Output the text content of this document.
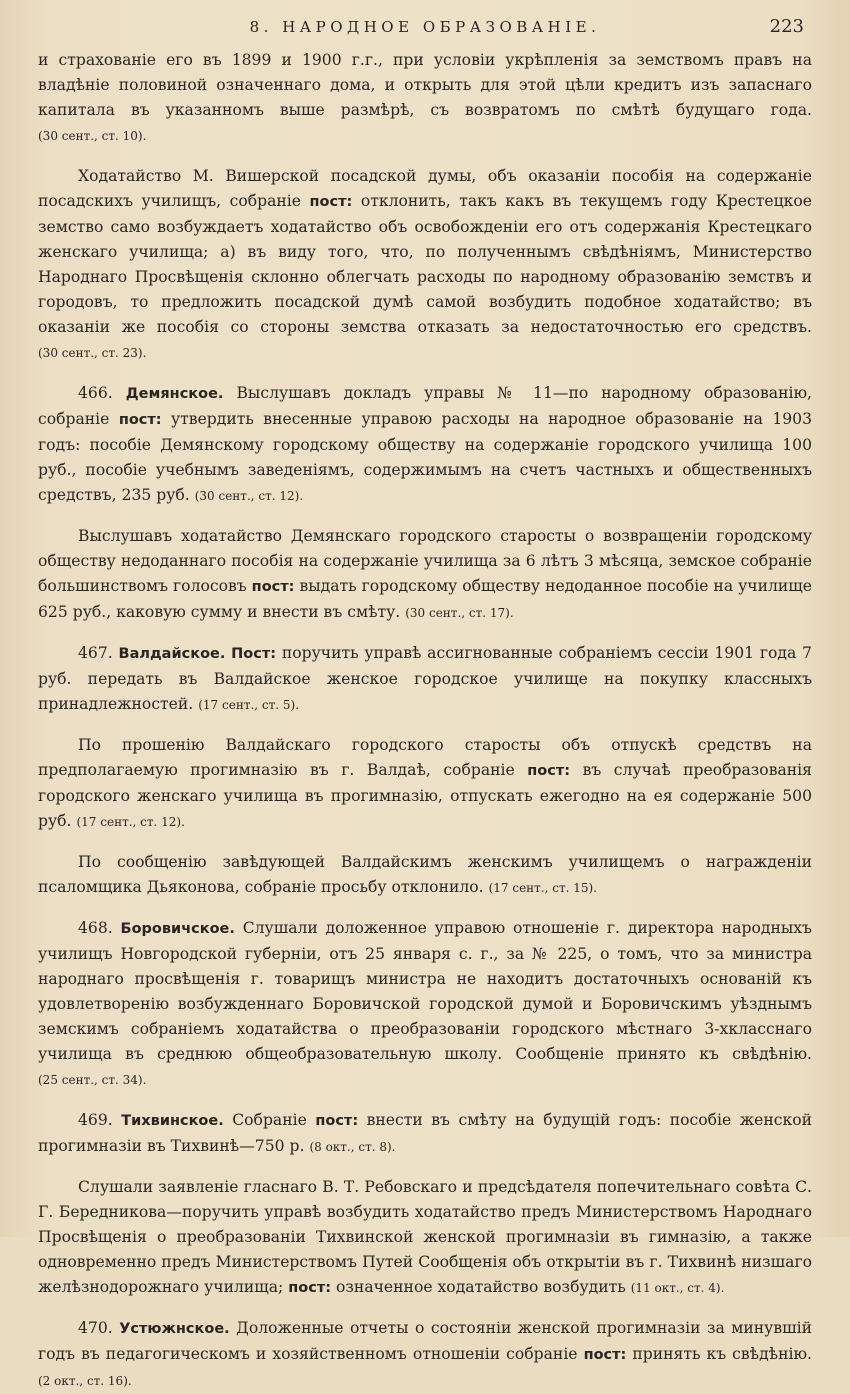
8. НАРОДНОЕ ОБРАЗОВАНІЕ.	223

и страхованіе его въ 1899 и 1900 г.г., при условіи укрѣпленія за земствомъ правъ на владѣніе половиной означеннаго дома, и открыть для этой цѣли кредитъ изъ запаснаго капитала въ указанномъ выше размѣрѣ, съ возвратомъ по смѣтѣ будущаго года. (30 сент., ст. 10).

Ходатайство М. Вишерской посадской думы, объ оказаніи пособія на содержаніе посадскихъ училищъ, собраніе пост: отклонить, такъ какъ въ текущемъ году Крестецкое земство само возбуждаетъ ходатайство объ освобожденіи его отъ содержанія Крестецкаго женскаго училища; а) въ виду того, что, по полученнымъ свѣдѣніямъ, Министерство Народнаго Просвѣщенія склонно облегчать расходы по народному образованію земствъ и городовъ, то предложить посадской думѣ самой возбудить подобное ходатайство; въ оказаніи же пособія со стороны земства отказать за недостаточностью его средствъ. (30 сент., ст. 23).

466. Демянское. Выслушавъ докладъ управы № 11—по народному образованію, собраніе пост: утвердить внесенные управою расходы на народное образованіе на 1903 годъ: пособіе Демянскому городскому обществу на содержаніе городского училища 100 руб., пособіе учебнымъ заведеніямъ, содержимымъ на счетъ частныхъ и общественныхъ средствъ, 235 руб. (30 сент., ст. 12).

Выслушавъ ходатайство Демянскаго городского старосты о возвращеніи городскому обществу недоданнаго пособія на содержаніе училища за 6 лѣтъ 3 мѣсяца, земское собраніе большинствомъ голосовъ пост: выдать городскому обществу недоданное пособіе на училище 625 руб., каковую сумму и внести въ смѣту. (30 сент., ст. 17).

467. Валдайское. Пост: поручить управѣ ассигнованные собраніемъ сессіи 1901 года 7 руб. передать въ Валдайское женское городское училище на покупку классныхъ принадлежностей. (17 сент., ст. 5).

По прошенію Валдайскаго городского старосты объ отпускѣ средствъ на предполагаемую прогимназію въ г. Валдаѣ, собраніе пост: въ случаѣ преобразованія городского женскаго училища въ прогимназію, отпускать ежегодно на ея содержаніе 500 руб. (17 сент., ст. 12).

По сообщенію завѣдующей Валдайскимъ женскимъ училищемъ о награжденіи псаломщика Дьяконова, собраніе просьбу отклонило. (17 сент., ст. 15).

468. Боровичское. Слушали доложенное управою отношеніе г. директора народныхъ училищъ Новгородской губерніи, отъ 25 января с. г., за № 225, о томъ, что за министра народнаго просвѣщенія г. товарищъ министра не находитъ достаточныхъ основаній къ удовлетворенію возбужденнаго Боровичской городской думой и Боровичскимъ уѣзднымъ земскимъ собраніемъ ходатайства о преобразованіи городского мѣстнаго 3-хкласснаго училища въ среднюю общеобразовательную школу. Сообщеніе принято къ свѣдѣнію. (25 сент., ст. 34).

469. Тихвинское. Собраніе пост: внести въ смѣту на будущій годъ: пособіе женской прогимназіи въ Тихвинѣ—750 р. (8 окт., ст. 8).

Слушали заявленіе гласнаго В. Т. Ребовскаго и предсѣдателя попечительнаго совѣта С. Г. Бередникова—поручить управѣ возбудить ходатайство предъ Министерствомъ Народнаго Просвѣщенія о преобразованіи Тихвинской женской прогимназіи въ гимназію, а также одновременно предъ Министерствомъ Путей Сообщенія объ открытіи въ г. Тихвинѣ низшаго желѣзнодорожнаго училища; пост: означенное ходатайство возбудить (11 окт., ст. 4).

470. Устюжнское. Доложенные отчеты о состояніи женской прогимназіи за минувшій годъ въ педагогическомъ и хозяйственномъ отношеніи собраніе пост: принять къ свѣдѣнію. (2 окт., ст. 16).
